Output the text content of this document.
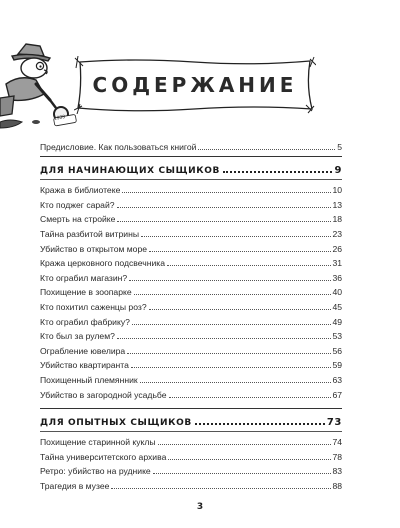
1933
СОДЕРЖАНИЕ
Предисловие. Как пользоваться книгой	5
ДЛЯ НАЧИНАЮЩИХ СЫЩИКОВ	9
Кража в библиотеке	10
Кто поджег сарай?	13
Смерть на стройке	18
Тайна разбитой витрины	23
Убийство в открытом море	26
Кража церковного подсвечника	31
Кто ограбил магазин?	36
Похищение в зоопарке	40
Кто похитил саженцы роз?	45
Кто ограбил фабрику?	49
Кто был за рулем?	53
Ограбление ювелира	56
Убийство квартиранта	59
Похищенный племянник	63
Убийство в загородной усадьбе	67
ДЛЯ ОПЫТНЫХ СЫЩИКОВ	73
Похищение старинной куклы	74
Тайна университетского архива	78
Ретро: убийство на руднике	83
Трагедия в музее	88
3
